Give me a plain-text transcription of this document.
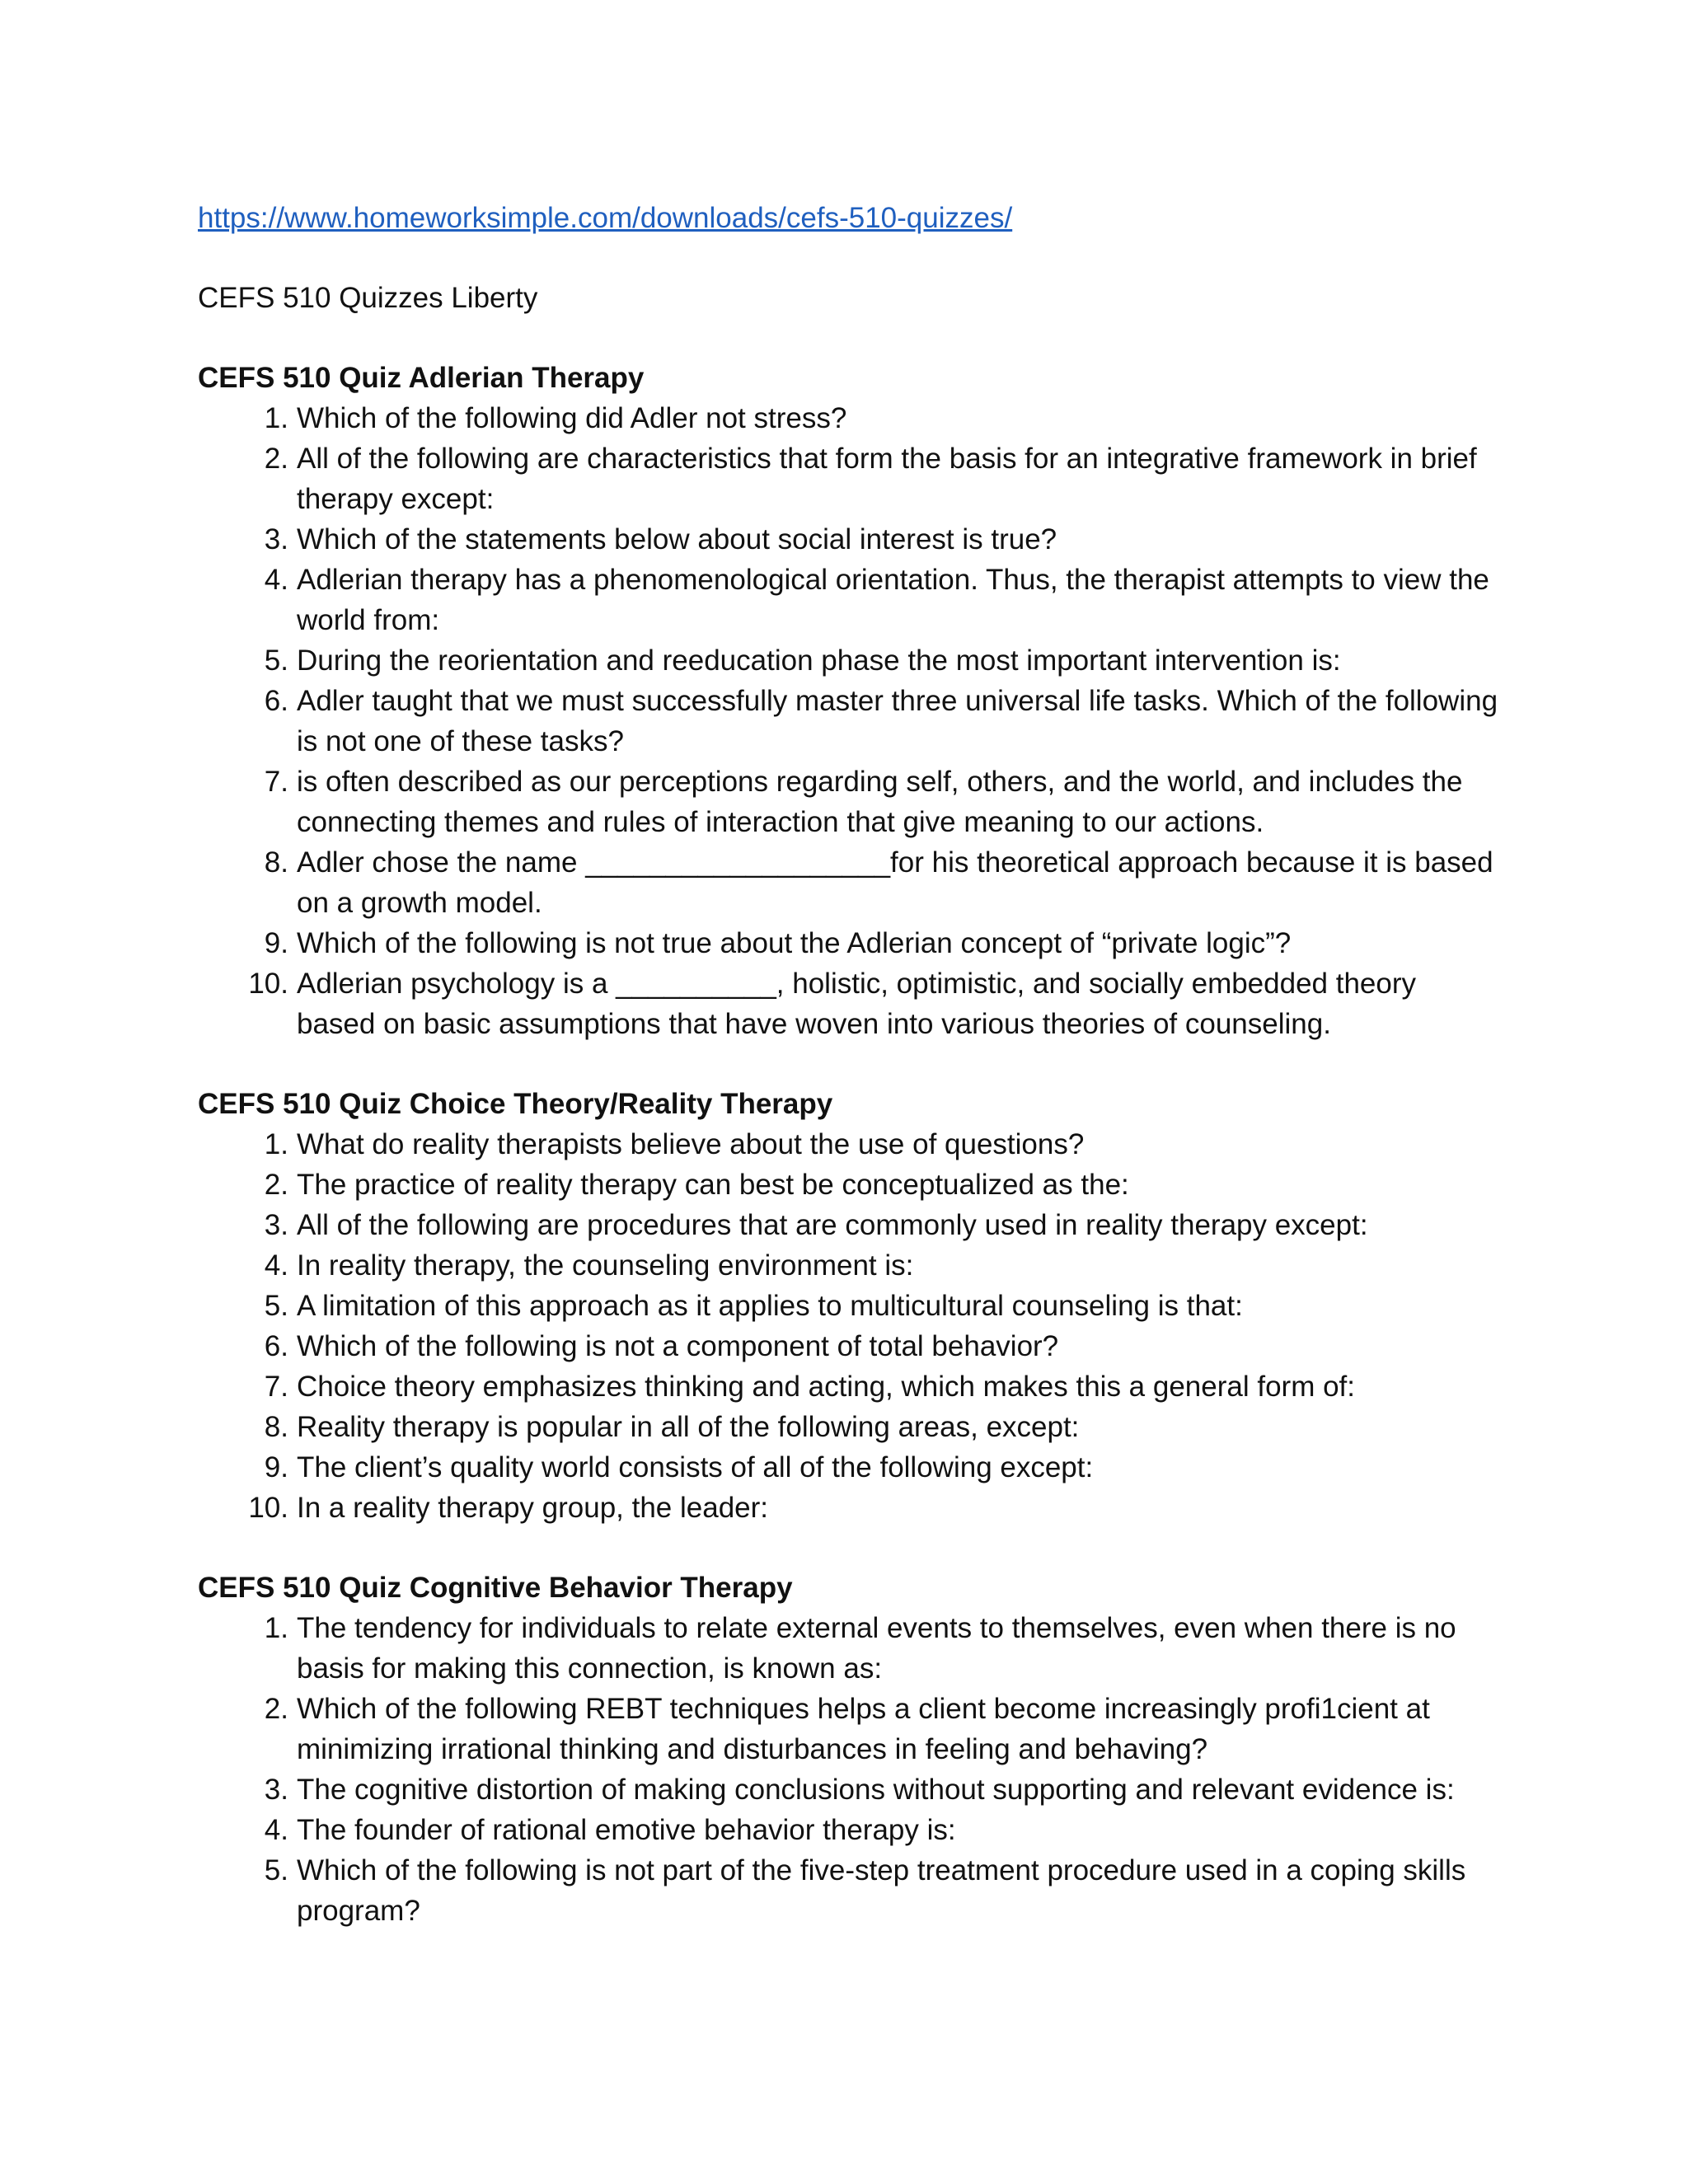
https://www.homeworksimple.com/downloads/cefs-510-quizzes/
CEFS 510 Quizzes Liberty
CEFS 510 Quiz Adlerian Therapy
1. Which of the following did Adler not stress?
2. All of the following are characteristics that form the basis for an integrative framework in brief therapy except:
3. Which of the statements below about social interest is true?
4. Adlerian therapy has a phenomenological orientation. Thus, the therapist attempts to view the world from:
5. During the reorientation and reeducation phase the most important intervention is:
6. Adler taught that we must successfully master three universal life tasks. Which of the following is not one of these tasks?
7. is often described as our perceptions regarding self, others, and the world, and includes the connecting themes and rules of interaction that give meaning to our actions.
8. Adler chose the name ___________________for his theoretical approach because it is based on a growth model.
9. Which of the following is not true about the Adlerian concept of “private logic”?
10. Adlerian psychology is a __________, holistic, optimistic, and socially embedded theory based on basic assumptions that have woven into various theories of counseling.
CEFS 510 Quiz Choice Theory/Reality Therapy
1. What do reality therapists believe about the use of questions?
2. The practice of reality therapy can best be conceptualized as the:
3. All of the following are procedures that are commonly used in reality therapy except:
4. In reality therapy, the counseling environment is:
5. A limitation of this approach as it applies to multicultural counseling is that:
6. Which of the following is not a component of total behavior?
7. Choice theory emphasizes thinking and acting, which makes this a general form of:
8. Reality therapy is popular in all of the following areas, except:
9. The client’s quality world consists of all of the following except:
10. In a reality therapy group, the leader:
CEFS 510 Quiz Cognitive Behavior Therapy
1. The tendency for individuals to relate external events to themselves, even when there is no basis for making this connection, is known as:
2. Which of the following REBT techniques helps a client become increasingly profi1cient at minimizing irrational thinking and disturbances in feeling and behaving?
3. The cognitive distortion of making conclusions without supporting and relevant evidence is:
4. The founder of rational emotive behavior therapy is:
5. Which of the following is not part of the five-step treatment procedure used in a coping skills program?
